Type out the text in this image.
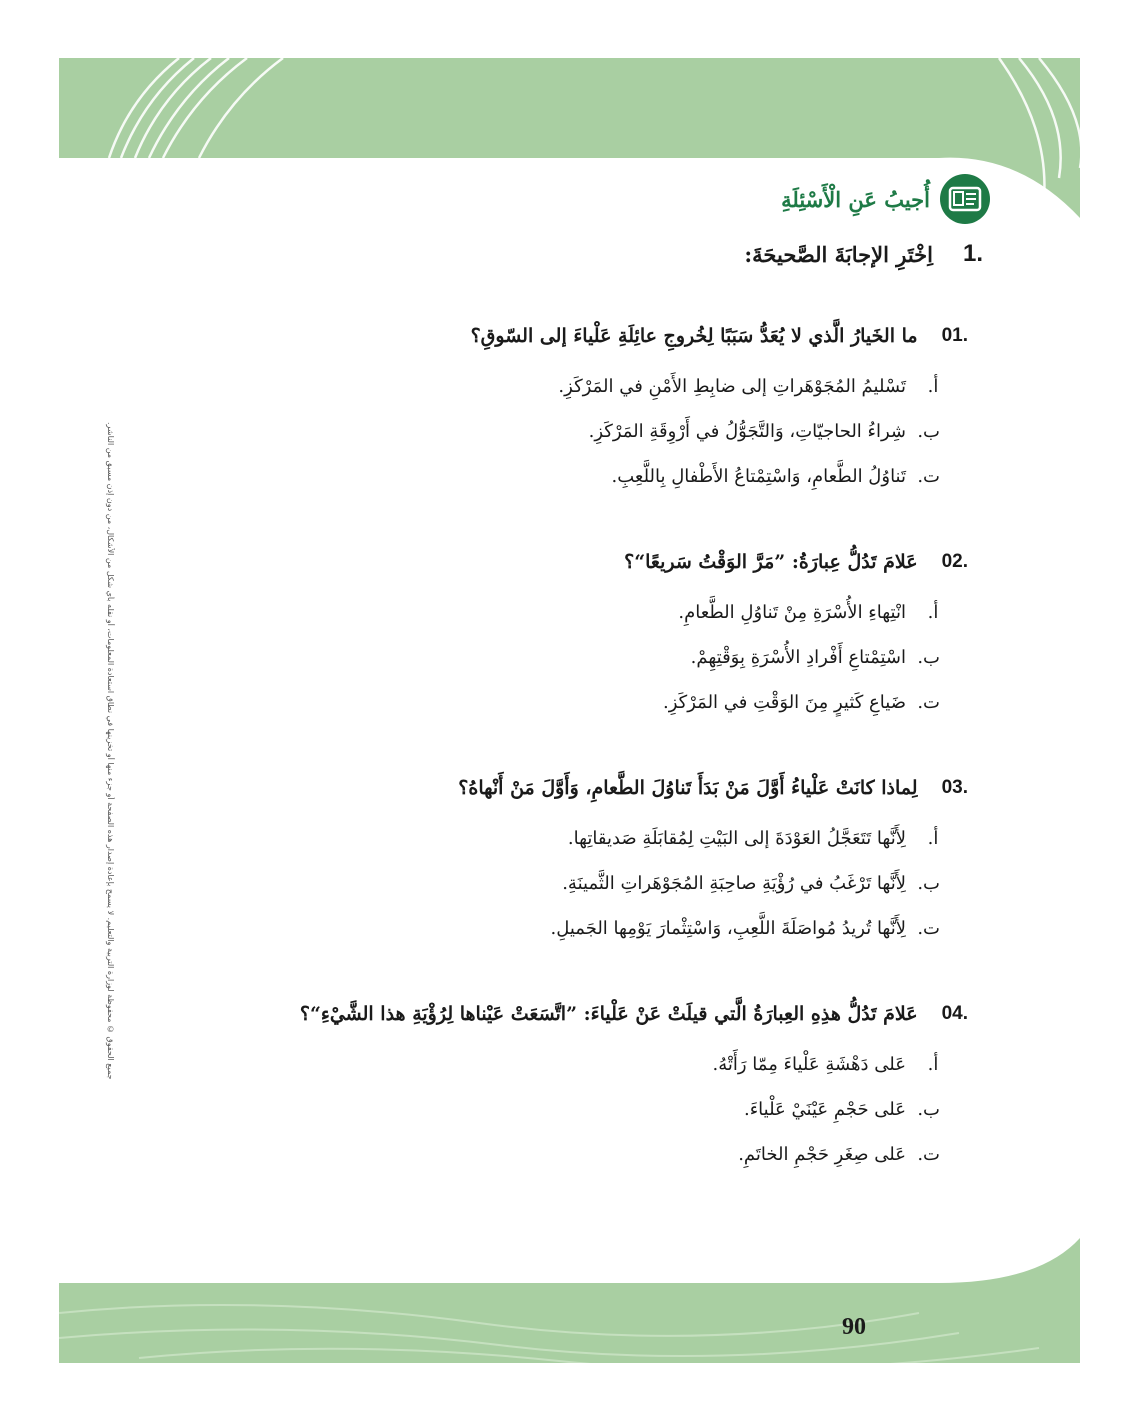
جميع الحقوق © محفوظة لوزارة التربية والتعليم. لا يسمح بإعادة إصدار هذه الصفحة أو جزء منها أو تخزينها في نطاق استعادة المعلومات، أو نقله بأي شكل من الأشكال، من دون إذن مسبق من الناشر.
أُجيبُ عَنِ الْأَسْئِلَةِ
1.
اِخْتَرِ الإجابَةَ الصَّحيحَةَ:
01.
ما الخَيارُ الَّذي لا يُعَدُّ سَبَبًا لِخُروجِ عائِلَةِ عَلْياءَ إلى السّوقِ؟
أ.
تَسْليمُ المُجَوْهَراتِ إلى ضابِطِ الأَمْنِ في المَرْكَزِ.
ب.
شِراءُ الحاجيّاتِ، وَالتَّجَوُّلُ في أَرْوِقَةِ المَرْكَزِ.
ت.
تَناوُلُ الطَّعامِ، وَاسْتِمْتاعُ الأَطْفالِ بِاللَّعِبِ.
02.
عَلامَ تَدُلُّ عِبارَةُ: ”مَرَّ الوَقْتُ سَريعًا“؟
أ.
انْتِهاءِ الأُسْرَةِ مِنْ تَناوُلِ الطَّعامِ.
ب.
اسْتِمْتاعِ أَفْرادِ الأُسْرَةِ بِوَقْتِهِمْ.
ت.
ضَياعِ كَثيرٍ مِنَ الوَقْتِ في المَرْكَزِ.
03.
لِماذا كانَتْ عَلْياءُ أَوَّلَ مَنْ بَدَأَ تَناوُلَ الطَّعامِ، وَأَوَّلَ مَنْ أَنْهاهُ؟
أ.
لِأَنَّها تَتَعَجَّلُ العَوْدَةَ إلى البَيْتِ لِمُقابَلَةِ صَديقاتِها.
ب.
لِأَنَّها تَرْغَبُ في رُؤْيَةِ صاحِبَةِ المُجَوْهَراتِ الثَّمينَةِ.
ت.
لِأَنَّها تُريدُ مُواصَلَةَ اللَّعِبِ، وَاسْتِثْمارَ يَوْمِها الجَميلِ.
04.
عَلامَ تَدُلُّ هذِهِ العِبارَةُ الَّتي قيلَتْ عَنْ عَلْياءَ: ”اتَّسَعَتْ عَيْناها لِرُؤْيَةِ هذا الشَّيْءِ“؟
أ.
عَلى دَهْشَةِ عَلْياءَ مِمّا رَأَتْهُ.
ب.
عَلى حَجْمِ عَيْنَيْ عَلْياءَ.
ت.
عَلى صِغَرِ حَجْمِ الخاتَمِ.
90
